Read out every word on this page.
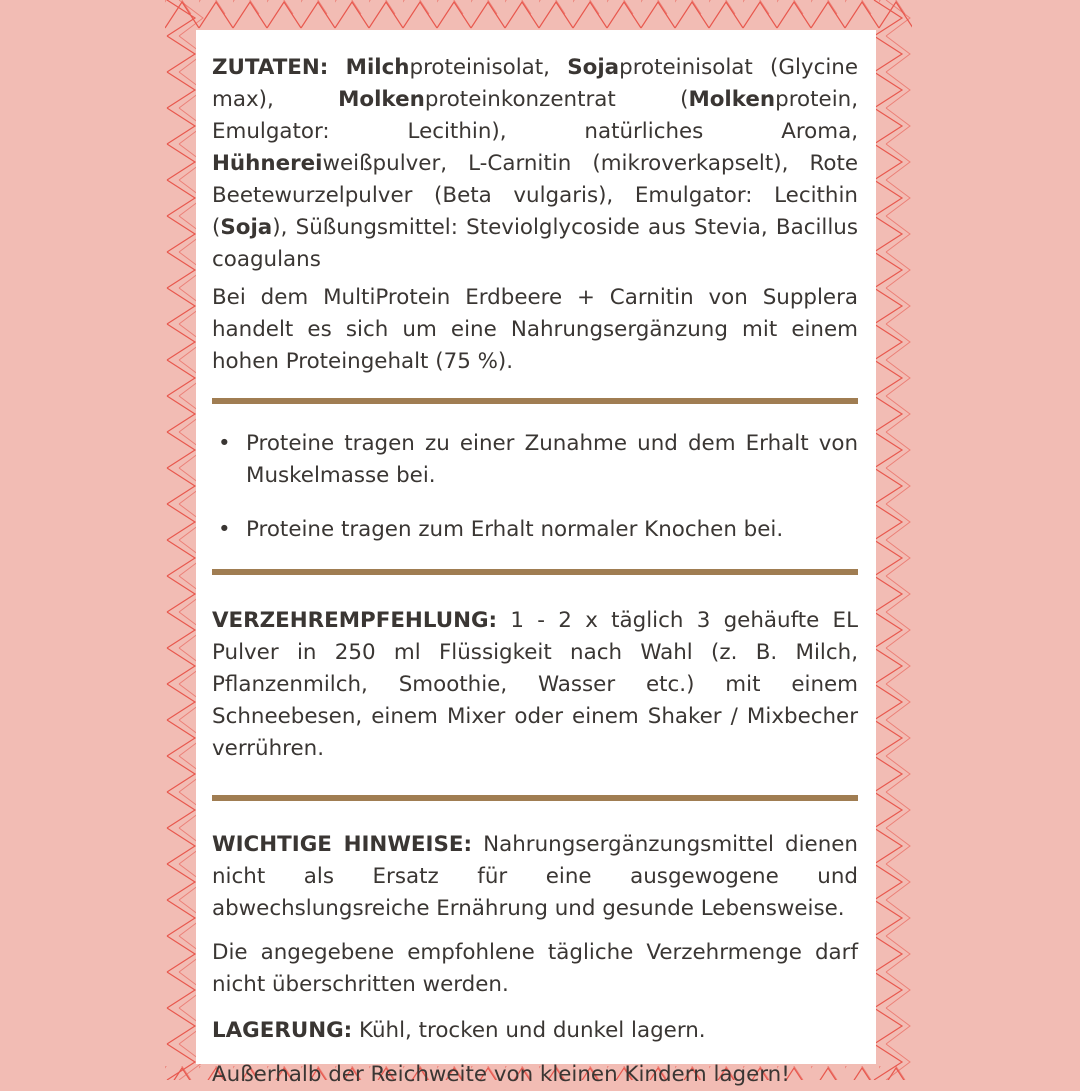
ZUTATEN: Milchproteinisolat, Sojaproteinisolat (Glycine max), Molkenproteinkonzentrat (Molkenprotein, Emulgator: Lecithin), natürliches Aroma, Hühnereiweißpulver, L-Carnitin (mikroverkapselt), Rote Beetewurzelpulver (Beta vulgaris), Emulgator: Lecithin (Soja), Süßungsmittel: Steviolglycoside aus Stevia, Bacillus coagulans

Bei dem MultiProtein Erdbeere + Carnitin von Supplera handelt es sich um eine Nahrungsergänzung mit einem hohen Proteingehalt (75 %).

• Proteine tragen zu einer Zunahme und dem Erhalt von Muskelmasse bei.
• Proteine tragen zum Erhalt normaler Knochen bei.

VERZEHREMPFEHLUNG: 1 - 2 x täglich 3 gehäufte EL Pulver in 250 ml Flüssigkeit nach Wahl (z. B. Milch, Pflanzenmilch, Smoothie, Wasser etc.) mit einem Schneebesen, einem Mixer oder einem Shaker / Mixbecher verrühren.

WICHTIGE HINWEISE: Nahrungsergänzungsmittel dienen nicht als Ersatz für eine ausgewogene und abwechslungsreiche Ernährung und gesunde Lebensweise.

Die angegebene empfohlene tägliche Verzehrmenge darf nicht überschritten werden.

LAGERUNG: Kühl, trocken und dunkel lagern.

Außerhalb der Reichweite von kleinen Kindern lagern!
